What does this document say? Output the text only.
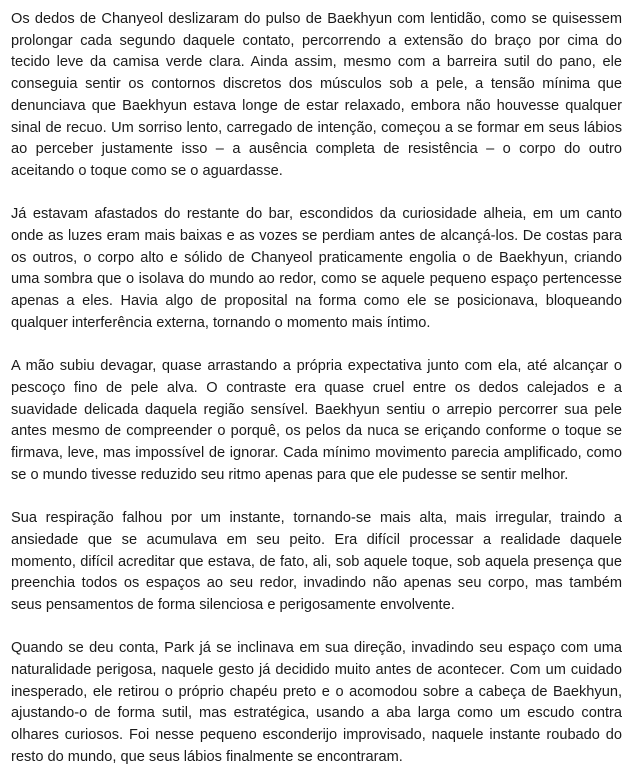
Os dedos de Chanyeol deslizaram do pulso de Baekhyun com lentidão, como se quisessem prolongar cada segundo daquele contato, percorrendo a extensão do braço por cima do tecido leve da camisa verde clara. Ainda assim, mesmo com a barreira sutil do pano, ele conseguia sentir os contornos discretos dos músculos sob a pele, a tensão mínima que denunciava que Baekhyun estava longe de estar relaxado, embora não houvesse qualquer sinal de recuo. Um sorriso lento, carregado de intenção, começou a se formar em seus lábios ao perceber justamente isso – a ausência completa de resistência – o corpo do outro aceitando o toque como se o aguardasse.

Já estavam afastados do restante do bar, escondidos da curiosidade alheia, em um canto onde as luzes eram mais baixas e as vozes se perdiam antes de alcançá-los. De costas para os outros, o corpo alto e sólido de Chanyeol praticamente engolia o de Baekhyun, criando uma sombra que o isolava do mundo ao redor, como se aquele pequeno espaço pertencesse apenas a eles. Havia algo de proposital na forma como ele se posicionava, bloqueando qualquer interferência externa, tornando o momento mais íntimo.

A mão subiu devagar, quase arrastando a própria expectativa junto com ela, até alcançar o pescoço fino de pele alva. O contraste era quase cruel entre os dedos calejados e a suavidade delicada daquela região sensível. Baekhyun sentiu o arrepio percorrer sua pele antes mesmo de compreender o porquê, os pelos da nuca se eriçando conforme o toque se firmava, leve, mas impossível de ignorar. Cada mínimo movimento parecia amplificado, como se o mundo tivesse reduzido seu ritmo apenas para que ele pudesse se sentir melhor.

Sua respiração falhou por um instante, tornando-se mais alta, mais irregular, traindo a ansiedade que se acumulava em seu peito. Era difícil processar a realidade daquele momento, difícil acreditar que estava, de fato, ali, sob aquele toque, sob aquela presença que preenchia todos os espaços ao seu redor, invadindo não apenas seu corpo, mas também seus pensamentos de forma silenciosa e perigosamente envolvente.

Quando se deu conta, Park já se inclinava em sua direção, invadindo seu espaço com uma naturalidade perigosa, naquele gesto já decidido muito antes de acontecer. Com um cuidado inesperado, ele retirou o próprio chapéu preto e o acomodou sobre a cabeça de Baekhyun, ajustando-o de forma sutil, mas estratégica, usando a aba larga como um escudo contra olhares curiosos. Foi nesse pequeno esconderijo improvisado, naquele instante roubado do resto do mundo, que seus lábios finalmente se encontraram.
